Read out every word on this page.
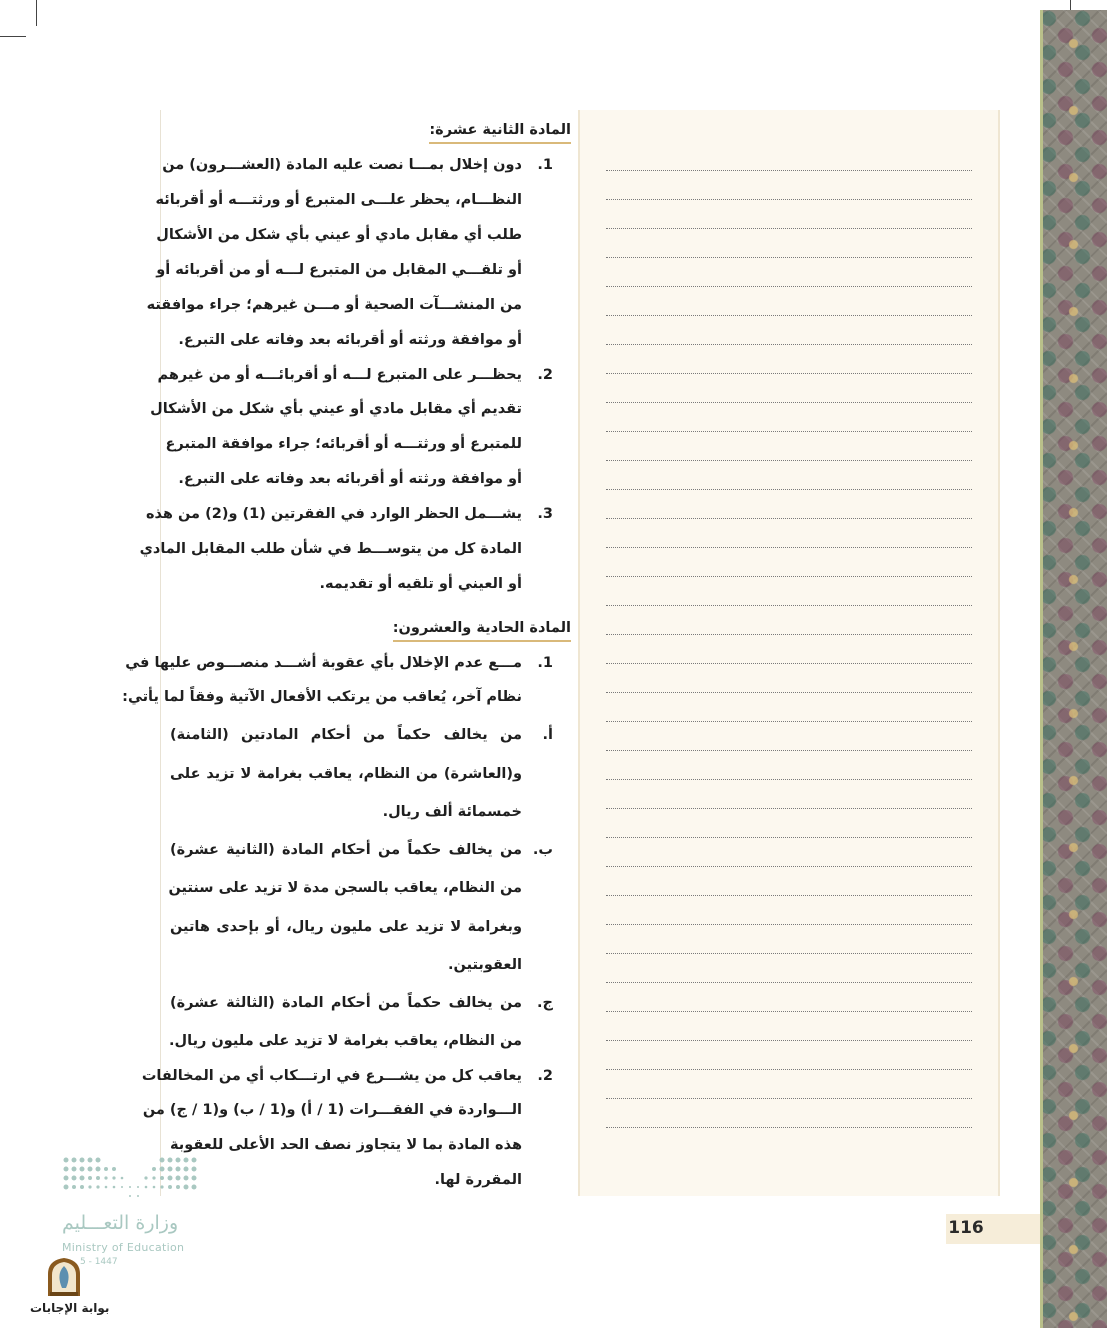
المادة الثانية عشرة:
1.
دون إخلال بمـــا نصت عليه المادة (العشـــرون) من
النظـــام، يحظر علـــى المتبرع أو ورثتـــه أو أقربائه
طلب أي مقابل مادي أو عيني بأي شكل من الأشكال
أو تلقـــي المقابل من المتبرع لـــه أو من أقربائه أو
من المنشـــآت الصحية أو مـــن غيرهم؛ جراء موافقته
أو موافقة ورثته أو أقربائه بعد وفاته على التبرع.
2.
يحظـــر على المتبرع لـــه أو أقربائـــه أو من غيرهم
تقديم أي مقابل مادي أو عيني بأي شكل من الأشكال
للمتبرع أو ورثتـــه أو أقربائه؛ جراء موافقة المتبرع
أو موافقة ورثته أو أقربائه بعد وفاته على التبرع.
3.
يشـــمل الحظر الوارد في الفقرتين (1) و(2) من هذه
المادة كل من يتوســـط في شأن طلب المقابل المادي
أو العيني أو تلقيه أو تقديمه.
المادة الحادية والعشرون:
1.
مـــع عدم الإخلال بأي عقوبة أشـــد منصـــوص عليها في
نظام آخر، يُعاقب من يرتكب الأفعال الآتية وفقاً لما يأتي:
أ.
من يخالف حكماً من أحكام المادتين (الثامنة)
و(العاشرة) من النظام، يعاقب بغرامة لا تزيد على
خمسمائة ألف ريال.
ب.
من يخالف حكماً من أحكام المادة (الثانية عشرة)
من النظام، يعاقب بالسجن مدة لا تزيد على سنتين
وبغرامة لا تزيد على مليون ريال، أو بإحدى هاتين
العقوبتين.
ج.
من يخالف حكماً من أحكام المادة (الثالثة عشرة)
من النظام، يعاقب بغرامة لا تزيد على مليون ريال.
2.
يعاقب كل من يشـــرع في ارتـــكاب أي من المخالفات
الـــواردة في الفقـــرات (1 / أ) و(1 / ب) و(1 / ج) من
هذه المادة بما لا يتجاوز نصف الحد الأعلى للعقوبة
المقررة لها.
116
وزارة التعـــليم
Ministry of Education
5 - 1447
بوابة الإجابات
